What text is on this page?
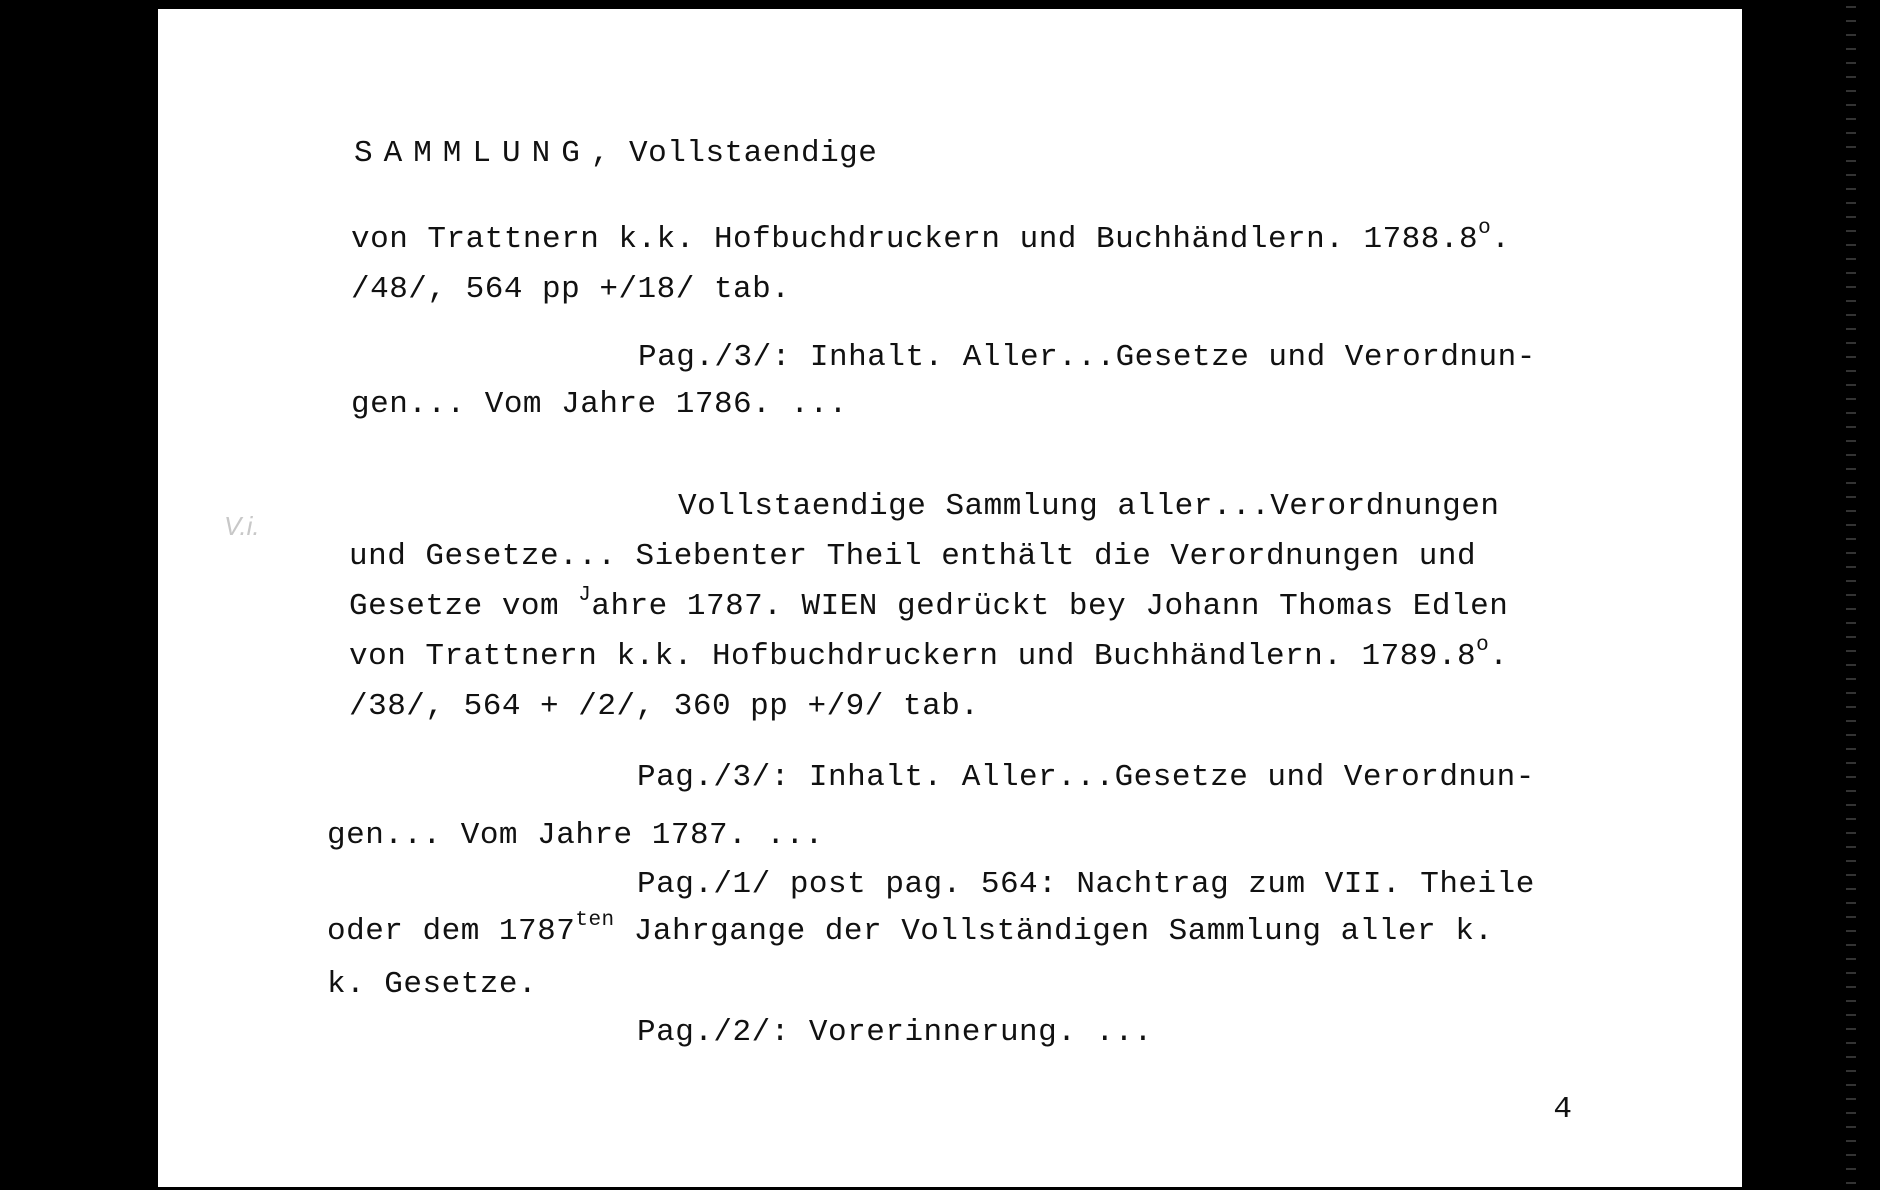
SAMMLUNG, Vollstaendige
von Trattnern k.k. Hofbuchdruckern und Buchhändlern. 1788.8$^o$.
/48/, 564 pp +/18/ tab.
Pag./3/: Inhalt. Aller...Gesetze und Verordnun-
gen... Vom Jahre 1786. ...
Vollstaendige Sammlung aller...Verordnungen
und Gesetze... Siebenter Theil enthält die Verordnungen und
Gesetze vom $^J$ahre 1787. WIEN gedrückt bey Johann Thomas Edlen
von Trattnern k.k. Hofbuchdruckern und Buchhändlern. 1789.8$^o$.
/38/, 564 + /2/, 360 pp +/9/ tab.
Pag./3/: Inhalt. Aller...Gesetze und Verordnun-
gen... Vom Jahre 1787. ...
Pag./1/ post pag. 564: Nachtrag zum VII. Theile
oder dem $1787^{ten}$ Jahrgange der Vollständigen Sammlung aller k.
k. Gesetze.
Pag./2/: Vorerinnerung. ...
V.i.
4
